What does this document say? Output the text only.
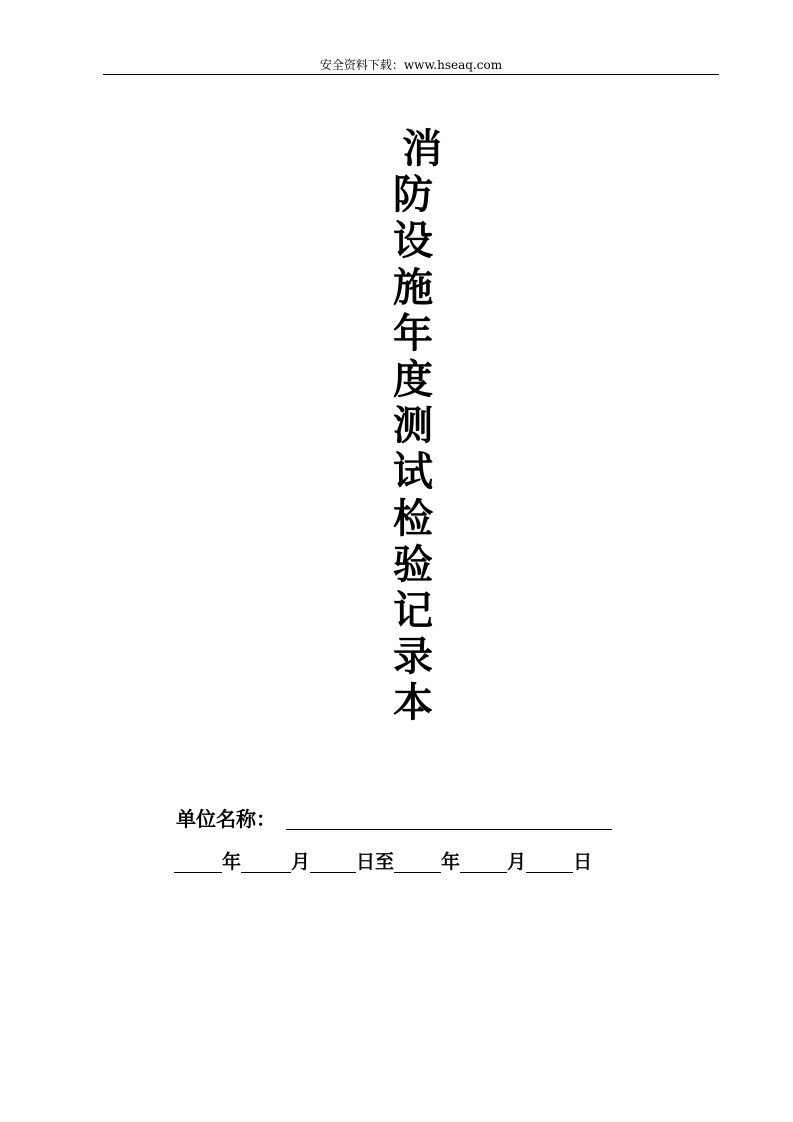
安全资料下载：www.hseaq.com
消
防
设
施
年
度
测
试
检
验
记
录
本
单位名称：
年	月 日至 年 月 日
